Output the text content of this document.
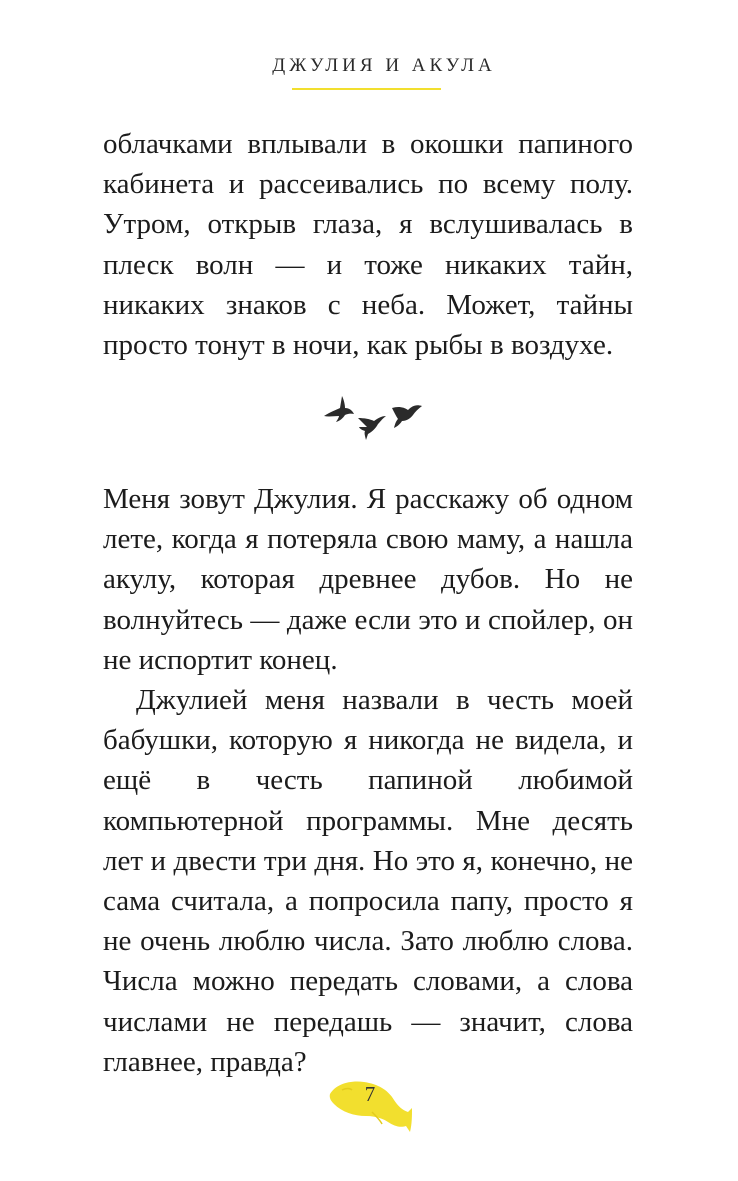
ДЖУЛИЯ И АКУЛА

облачками вплывали в окошки папиного кабинета и рассеивались по всему полу. Утром, открыв глаза, я вслушивалась в плеск волн — и тоже никаких тайн, никаких знаков с неба. Может, тайны просто тонут в ночи, как рыбы в воздухе.

Меня зовут Джулия. Я расскажу об одном лете, когда я потеряла свою маму, а нашла акулу, которая древнее дубов. Но не волнуйтесь — даже если это и спойлер, он не испортит конец.

Джулией меня назвали в честь моей бабушки, которую я никогда не видела, и ещё в честь папиной любимой компьютерной программы. Мне десять лет и двести три дня. Но это я, конечно, не сама считала, а попросила папу, просто я не очень люблю числа. Зато люблю слова. Числа можно передать словами, а слова числами не передашь — значит, слова главнее, правда?

7
